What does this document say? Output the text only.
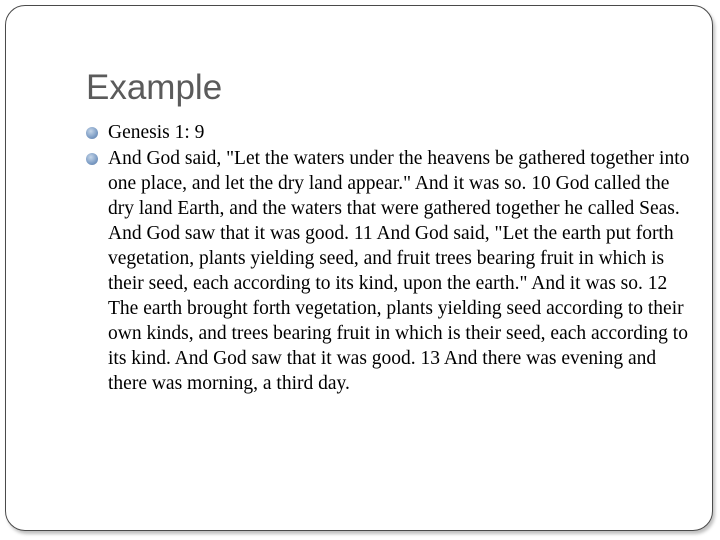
Example
Genesis 1: 9
And God said, "Let the waters under the heavens be gathered together into one place, and let the dry land appear." And it was so. 10 God called the dry land Earth, and the waters that were gathered together he called Seas. And God saw that it was good. 11 And God said, "Let the earth put forth vegetation, plants yielding seed, and fruit trees bearing fruit in which is their seed, each according to its kind, upon the earth." And it was so. 12 The earth brought forth vegetation, plants yielding seed according to their own kinds, and trees bearing fruit in which is their seed, each according to its kind. And God saw that it was good. 13 And there was evening and there was morning, a third day.
